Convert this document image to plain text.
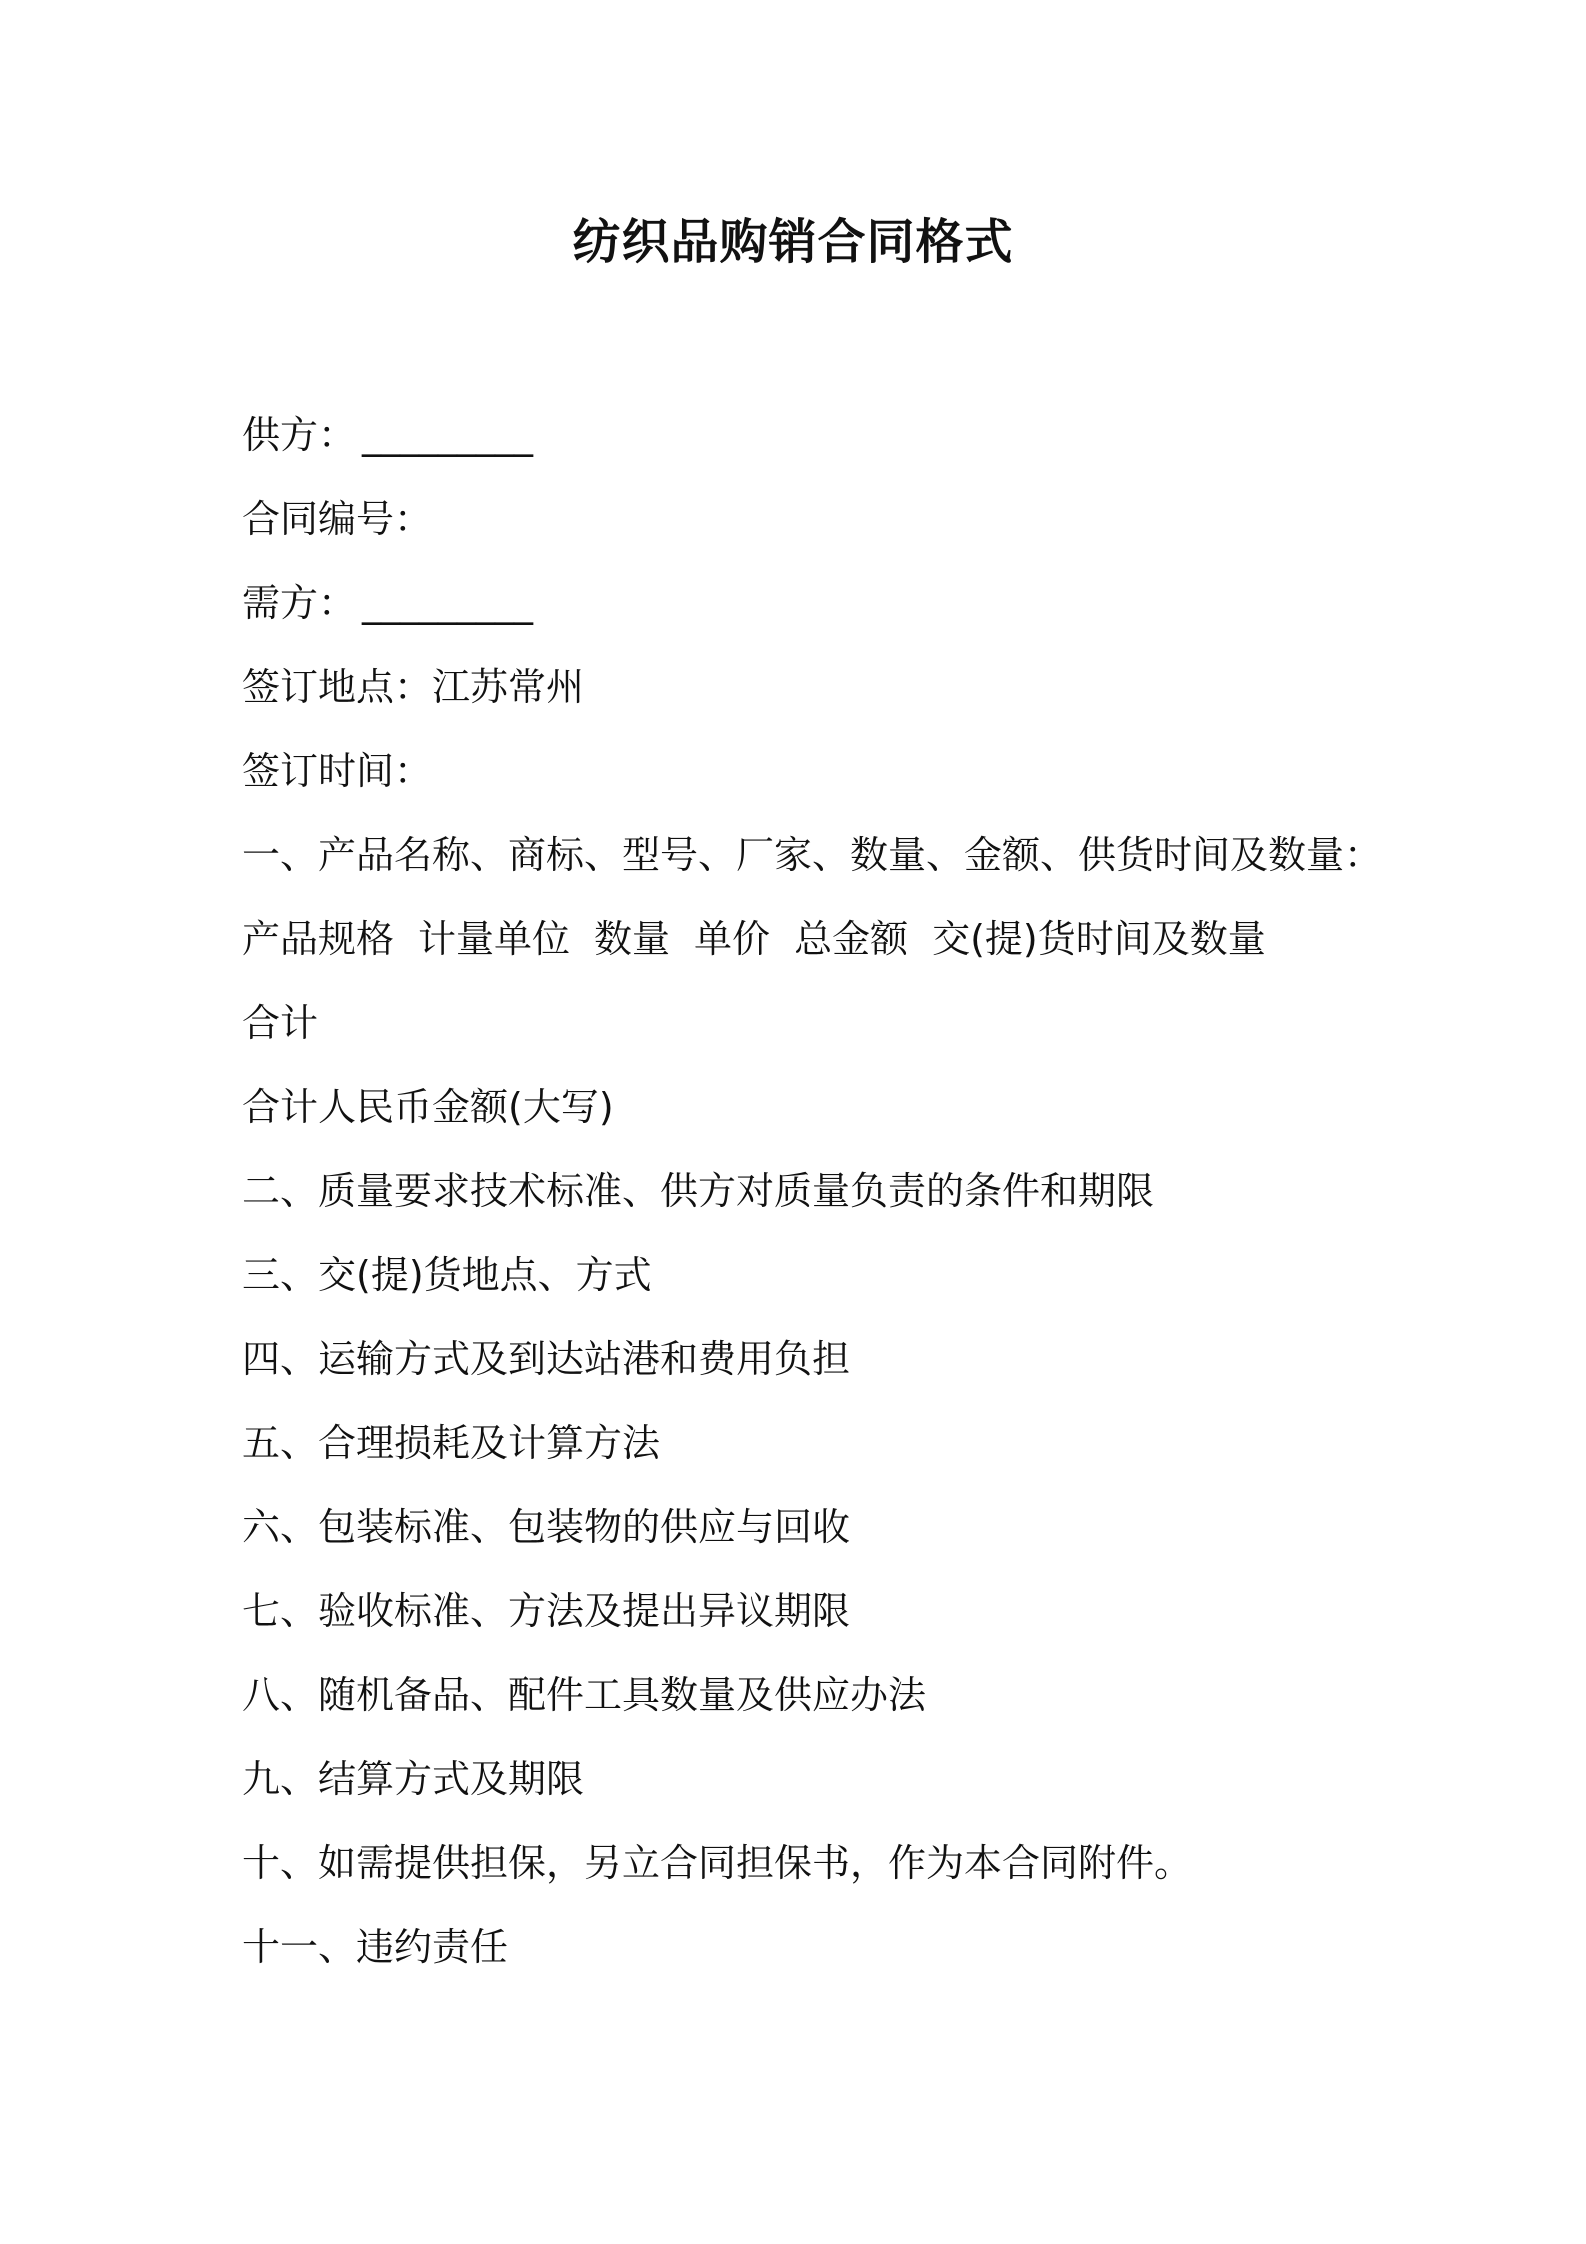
纺织品购销合同格式
供方： _________
合同编号：
需方： _________
签订地点：江苏常州
签订时间：
一、产品名称、商标、型号、厂家、数量、金额、供货时间及数量：
产品规格 计量单位 数量 单价 总金额 交(提)货时间及数量
合计
合计人民币金额(大写)
二、质量要求技术标准、供方对质量负责的条件和期限
三、交(提)货地点、方式
四、运输方式及到达站港和费用负担
五、合理损耗及计算方法
六、包装标准、包装物的供应与回收
七、验收标准、方法及提出异议期限
八、随机备品、配件工具数量及供应办法
九、结算方式及期限
十、如需提供担保，另立合同担保书，作为本合同附件。
十一、违约责任
